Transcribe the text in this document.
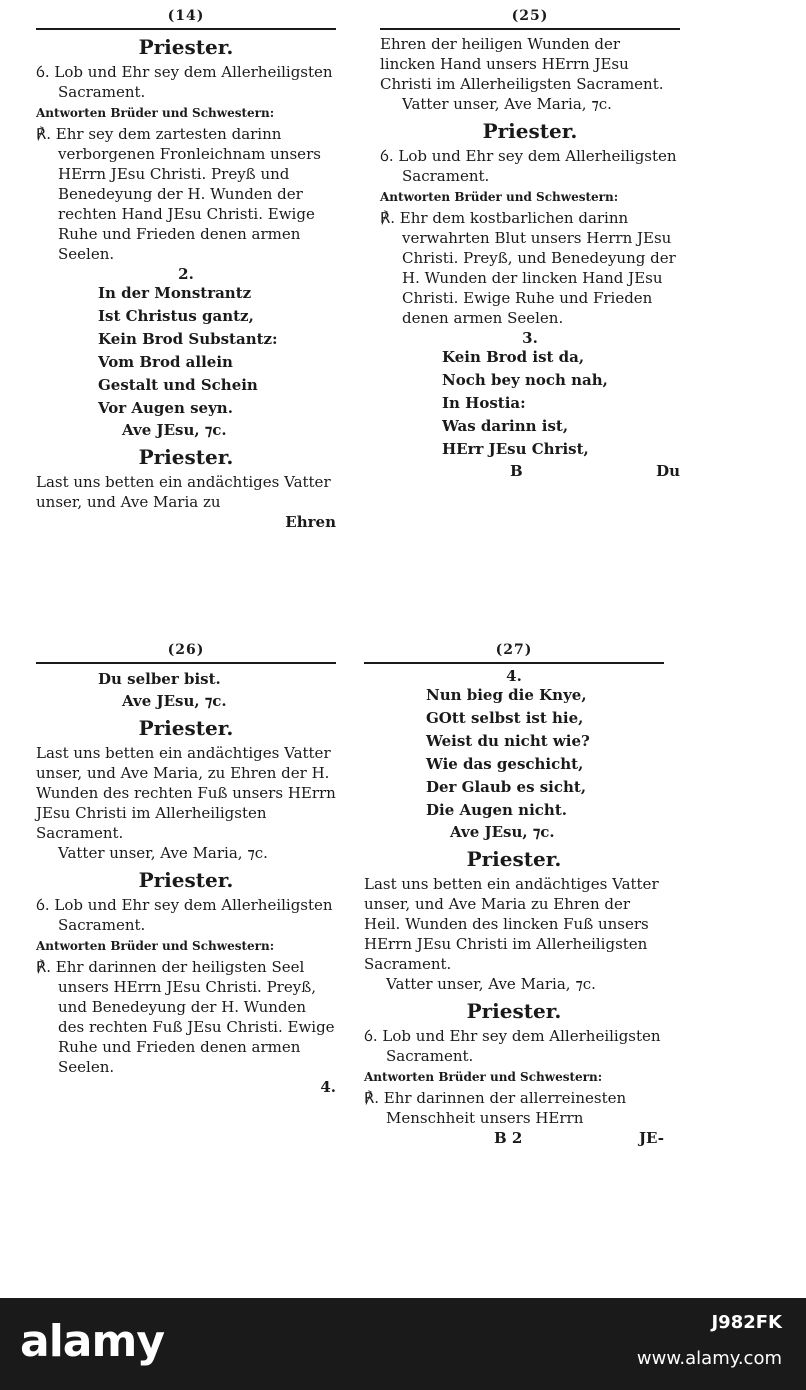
(14)
Priester.

ỽ. Lob und Ehr sey dem Allerheiligsten Sacrament.

Antworten Brüder und Schwestern:

℟. Ehr sey dem zartesten darinn verborgenen Fronleichnam unsers HErrn JEsu Christi. Preyß und Benedeyung der H. Wunden der rechten Hand JEsu Christi. Ewige Ruhe und Frieden denen armen Seelen.

2.
In der Monstrantz
Ist Christus gantz,
Kein Brod Substantz:
Vom Brod allein
Gestalt und Schein
Vor Augen seyn.
Ave JEsu, ⁊c.
Priester.

Last uns betten ein andächtiges Vatter unser, und Ave Maria zu

Ehren
(25)

Ehren der heiligen Wunden der lincken Hand unsers HErrn JEsu Christi im Allerheiligsten Sacrament.

Vatter unser, Ave Maria, ⁊c.

Priester.

ỽ. Lob und Ehr sey dem Allerheiligsten Sacrament.

Antworten Brüder und Schwestern:

℟. Ehr dem kostbarlichen darinn verwahrten Blut unsers Herrn JEsu Christi. Preyß, und Benedeyung der H. Wunden der lincken Hand JEsu Christi. Ewige Ruhe und Frieden denen armen Seelen.

3.
Kein Brod ist da,
Noch bey noch nah,
In Hostia:
Was darinn ist,
HErr JEsu Christ,
B	Du
(26)
Du selber bist.
Ave JEsu, ⁊c.
Priester.

Last uns betten ein andächtiges Vatter unser, und Ave Maria, zu Ehren der H. Wunden des rechten Fuß unsers HErrn JEsu Christi im Allerheiligsten Sacrament.

Vatter unser, Ave Maria, ⁊c.

Priester.

ỽ. Lob und Ehr sey dem Allerheiligsten Sacrament.

Antworten Brüder und Schwestern:

℟. Ehr darinnen der heiligsten Seel unsers HErrn JEsu Christi. Preyß, und Benedeyung der H. Wunden des rechten Fuß JEsu Christi. Ewige Ruhe und Frieden denen armen Seelen.

4.
(27)
4.
Nun bieg die Knye,
GOtt selbst ist hie,
Weist du nicht wie?
Wie das geschicht,
Der Glaub es sicht,
Die Augen nicht.
Ave JEsu, ⁊c.
Priester.

Last uns betten ein andächtiges Vatter unser, und Ave Maria zu Ehren der Heil. Wunden des lincken Fuß unsers HErrn JEsu Christi im Allerheiligsten Sacrament.

Vatter unser, Ave Maria, ⁊c.

Priester.

ỽ. Lob und Ehr sey dem Allerheiligsten Sacrament.

Antworten Brüder und Schwestern:

℟. Ehr darinnen der allerreinesten Menschheit unsers HErrn

B 2	JE-
alamy	J982FK
www.alamy.com
